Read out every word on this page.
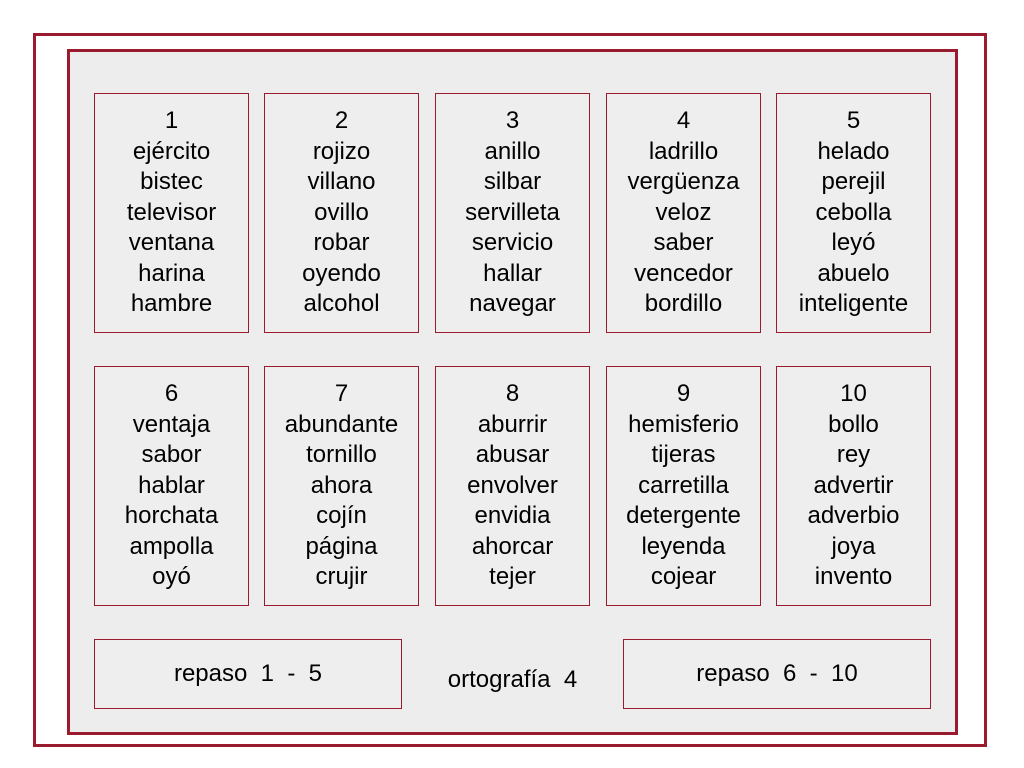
1
ejército
bistec
televisor
ventana
harina
hambre
2
rojizo
villano
ovillo
robar
oyendo
alcohol
3
anillo
silbar
servilleta
servicio
hallar
navegar
4
ladrillo
vergüenza
veloz
saber
vencedor
bordillo
5
helado
perejil
cebolla
leyó
abuelo
inteligente
6
ventaja
sabor
hablar
horchata
ampolla
oyó
7
abundante
tornillo
ahora
cojín
página
crujir
8
aburrir
abusar
envolver
envidia
ahorcar
tejer
9
hemisferio
tijeras
carretilla
detergente
leyenda
cojear
10
bollo
rey
advertir
adverbio
joya
invento
repaso  1  -  5	ortografía  4	repaso  6  -  10
